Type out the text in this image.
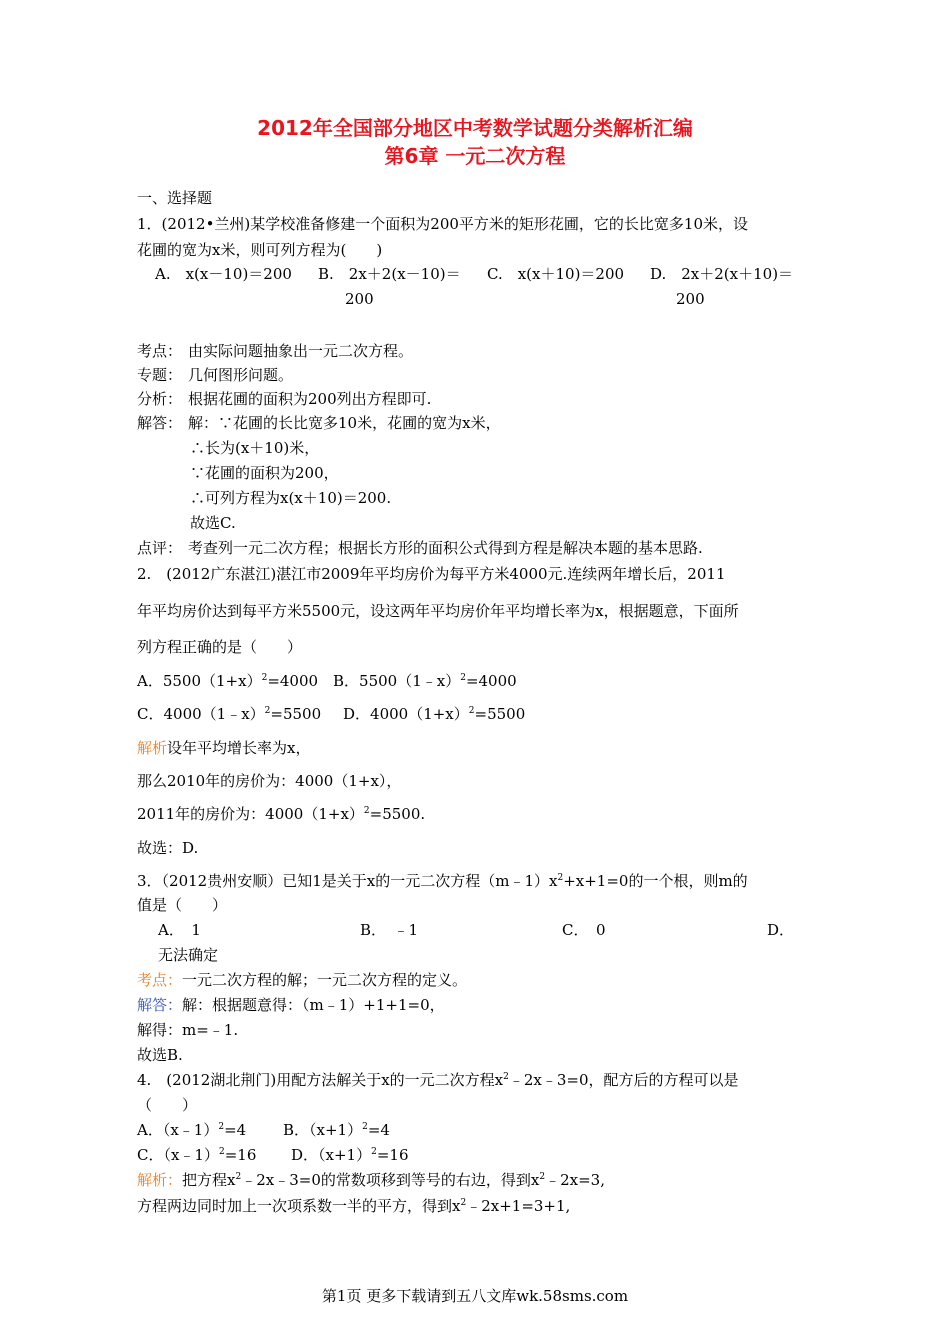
2012年全国部分地区中考数学试题分类解析汇编
第6章 一元二次方程
一、选择题
1．(2012•兰州)某学校准备修建一个面积为200平方米的矩形花圃，它的长比宽多10米，设
花圃的宽为x米，则可列方程为(　　)
A.　x(x－10)＝200 B.　2x＋2(x－10)＝
200
C.　x(x＋10)＝200 D.　2x＋2(x＋10)＝
200
考点： 由实际问题抽象出一元二次方程。
专题： 几何图形问题。
分析： 根据花圃的面积为200列出方程即可.
解答： 解：∵花圃的长比宽多10米，花圃的宽为x米，
∴长为(x＋10)米，
∵花圃的面积为200，
∴可列方程为x(x＋10)＝200.
故选C.
点评： 考查列一元二次方程；根据长方形的面积公式得到方程是解决本题的基本思路.
2.　(2012广东湛江)湛江市2009年平均房价为每平方米4000元.连续两年增长后，2011
年平均房价达到每平方米5500元，设这两年平均房价年平均增长率为x，根据题意，下面所
列方程正确的是（　　）
A．$5500(1+x)^2=4000$ B．5500（1﹣x）$^2$=4000
C．4000（1﹣x）$^2$=5500 D．$4000(1+x)^2=5500$
解析设年平均增长率为x，
那么2010年的房价为：4000（1+x），
2011年的房价为：$4000(1+x)^2=5500$.
故选：D.
3．（2012贵州安顺）已知1是关于x的一元二次方程$(m﹣1)x^2+x+1=0$的一个根，则m的
值是（　　）
A．　1	B．　﹣1	C．　0	D．
无法确定
考点：一元二次方程的解；一元二次方程的定义。
解答：解：根据题意得：（m﹣1）+1+1=0，
解得：m=﹣1.
故选B.
4.　(2012湖北荆门)用配方法解关于x的一元二次方程$x^2﹣2x﹣3=0$，配方后的方程可以是
（　　）
A．（x﹣1）$^2$=4 B．$(x+1)^2=4$
C．（x﹣1）$^2$=16 D．$(x+1)^2=16$
解析：把方程$x^2﹣2x﹣3=0$的常数项移到等号的右边，得到$x^2﹣2x=3$,
方程两边同时加上一次项系数一半的平方，得到$x^2﹣2x+1=3+1$,
第1页 更多下载请到五八文库wk.58sms.com
